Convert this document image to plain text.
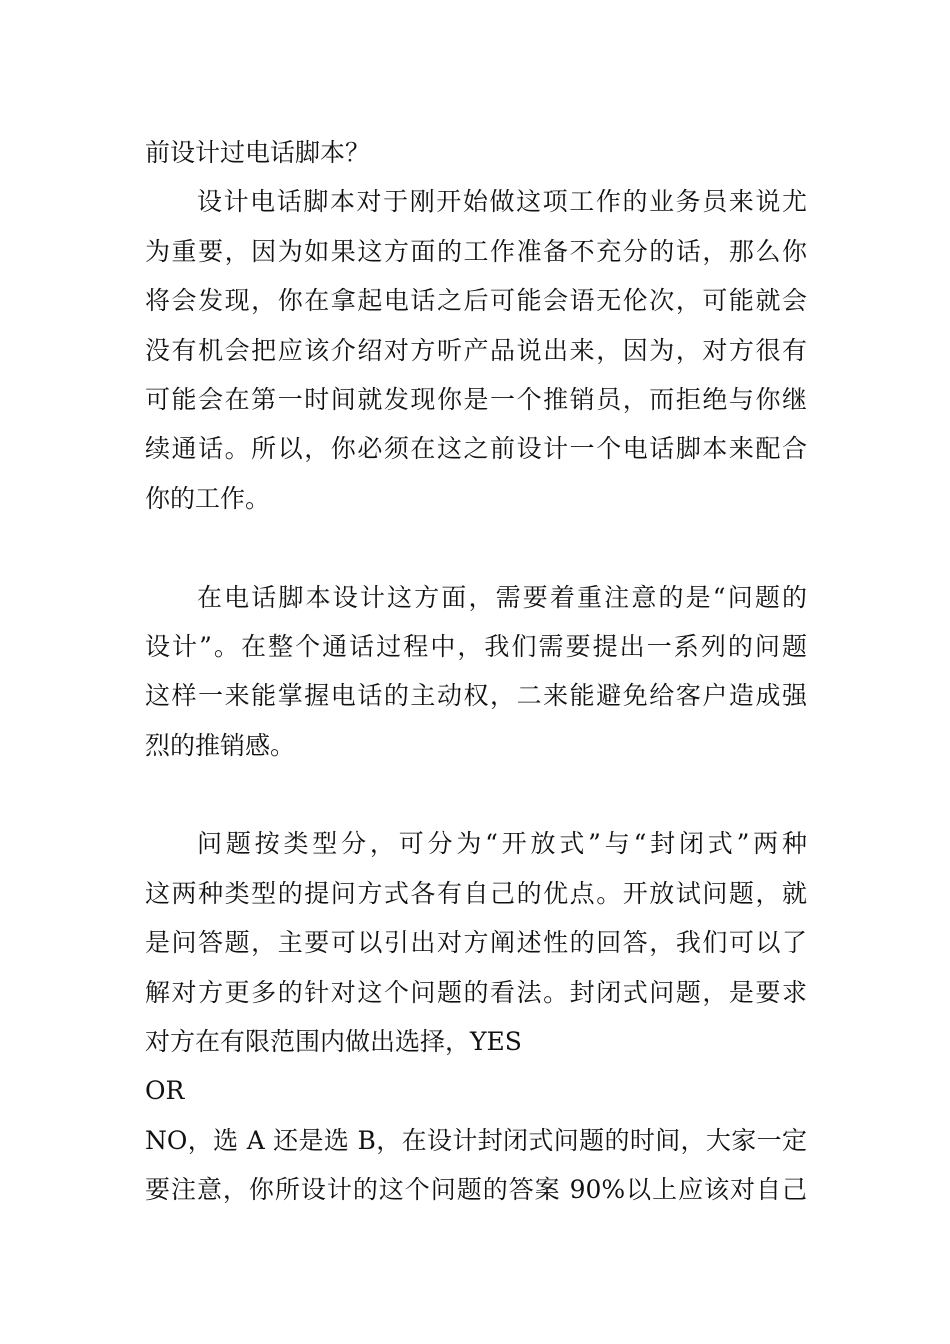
前设计过电话脚本？
设计电话脚本对于刚开始做这项工作的业务员来说尤
为重要，因为如果这方面的工作准备不充分的话，那么你
将会发现，你在拿起电话之后可能会语无伦次，可能就会
没有机会把应该介绍对方听产品说出来，因为，对方很有
可能会在第一时间就发现你是一个推销员，而拒绝与你继
续通话。所以，你必须在这之前设计一个电话脚本来配合
你的工作。
在电话脚本设计这方面，需要着重注意的是“问题的
设计”。在整个通话过程中，我们需要提出一系列的问题
这样一来能掌握电话的主动权，二来能避免给客户造成强
烈的推销感。
问题按类型分，可分为“开放式”与“封闭式”两种
这两种类型的提问方式各有自己的优点。开放试问题，就
是问答题，主要可以引出对方阐述性的回答，我们可以了
解对方更多的针对这个问题的看法。封闭式问题，是要求
对方在有限范围内做出选择，YES
OR
NO，选 A 还是选 B，在设计封闭式问题的时间，大家一定
要注意，你所设计的这个问题的答案 90%以上应该对自己
